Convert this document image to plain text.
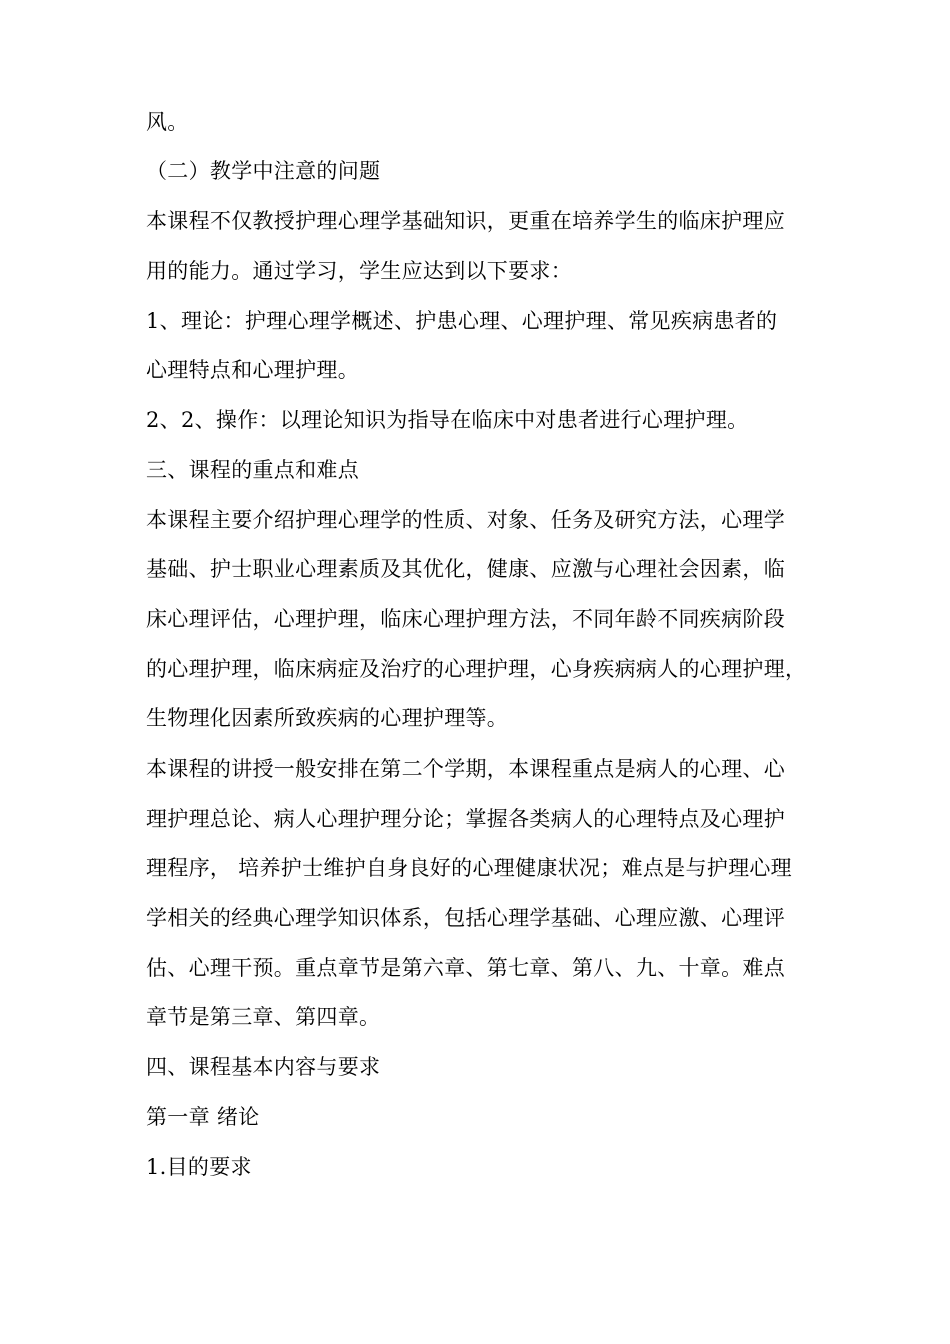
风。
（二）教学中注意的问题
本课程不仅教授护理心理学基础知识，更重在培养学生的临床护理应
用的能力。通过学习，学生应达到以下要求：
1、理论：护理心理学概述、护患心理、心理护理、常见疾病患者的
心理特点和心理护理。
2、2、操作：以理论知识为指导在临床中对患者进行心理护理。
三、课程的重点和难点
本课程主要介绍护理心理学的性质、对象、任务及研究方法，心理学
基础、护士职业心理素质及其优化，健康、应激与心理社会因素，临
床心理评估，心理护理，临床心理护理方法，不同年龄不同疾病阶段
的心理护理，临床病症及治疗的心理护理，心身疾病病人的心理护理，
生物理化因素所致疾病的心理护理等。
本课程的讲授一般安排在第二个学期，本课程重点是病人的心理、心
理护理总论、病人心理护理分论；掌握各类病人的心理特点及心理护
理程序， 培养护士维护自身良好的心理健康状况；难点是与护理心理
学相关的经典心理学知识体系，包括心理学基础、心理应激、心理评
估、心理干预。重点章节是第六章、第七章、第八、九、十章。难点
章节是第三章、第四章。
四、课程基本内容与要求
第一章 绪论
1.目的要求
